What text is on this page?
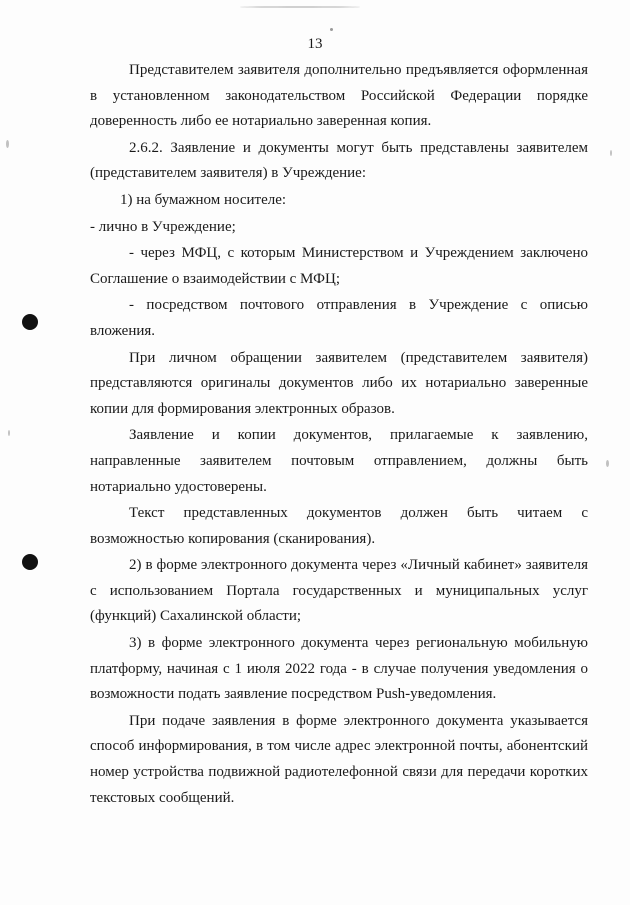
13

Представителем заявителя дополнительно предъявляется оформленная в установленном законодательством Российской Федерации порядке доверенность либо ее нотариально заверенная копия.

2.6.2. Заявление и документы могут быть представлены заявителем (представителем заявителя) в Учреждение:

1) на бумажном носителе:

- лично в Учреждение;

- через МФЦ, с которым Министерством и Учреждением заключено Соглашение о взаимодействии с МФЦ;

- посредством почтового отправления в Учреждение с описью вложения.

При личном обращении заявителем (представителем заявителя) представляются оригиналы документов либо их нотариально заверенные копии для формирования электронных образов.

Заявление и копии документов, прилагаемые к заявлению, направленные заявителем почтовым отправлением, должны быть нотариально удостоверены.

Текст представленных документов должен быть читаем с возможностью копирования (сканирования).

2) в форме электронного документа через «Личный кабинет» заявителя с использованием Портала государственных и муниципальных услуг (функций) Сахалинской области;

3) в форме электронного документа через региональную мобильную платформу, начиная с 1 июля 2022 года - в случае получения уведомления о возможности подать заявление посредством Push-уведомления.

При подаче заявления в форме электронного документа указывается способ информирования, в том числе адрес электронной почты, абонентский номер устройства подвижной радиотелефонной связи для передачи коротких текстовых сообщений.
